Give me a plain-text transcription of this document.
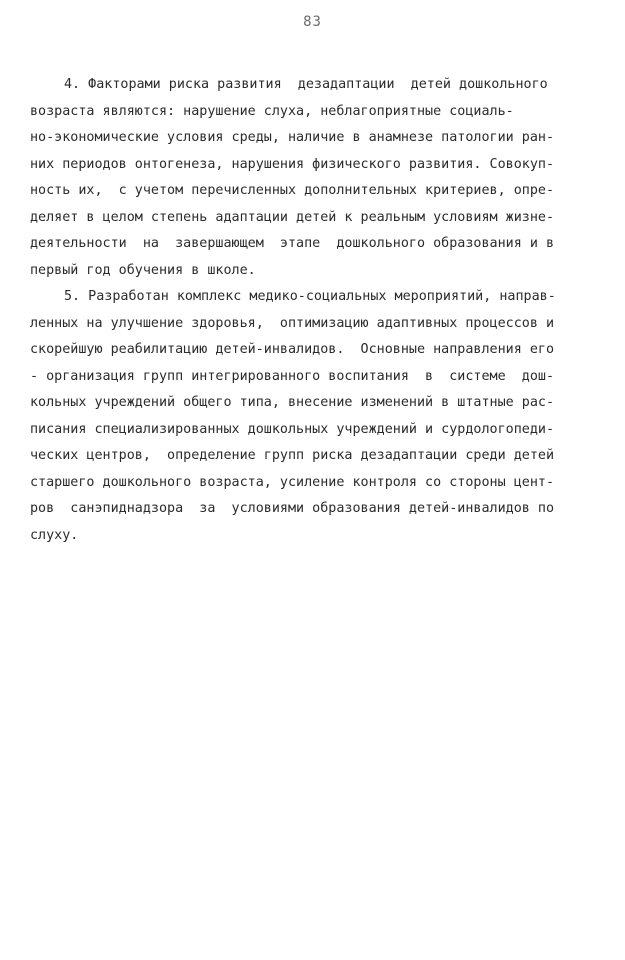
83
4. Факторами риска развития  дезадаптации  детей дошкольного
возраста являются: нарушение слуха, неблагоприятные социаль-
но-экономические условия среды, наличие в анамнезе патологии ран-
них периодов онтогенеза, нарушения физического развития. Совокуп-
ность их,  с учетом перечисленных дополнительных критериев, опре-
деляет в целом степень адаптации детей к реальным условиям жизне-
деятельности  на  завершающем  этапе  дошкольного образования и в
первый год обучения в школе.
5. Разработан комплекс медико-социальных мероприятий, направ-
ленных на улучшение здоровья,  оптимизацию адаптивных процессов и
скорейшую реабилитацию детей-инвалидов.  Основные направления его
- организация групп интегрированного воспитания  в  системе  дош-
кольных учреждений общего типа, внесение изменений в штатные рас-
писания специализированных дошкольных учреждений и сурдологопеди-
ческих центров,  определение групп риска дезадаптации среди детей
старшего дошкольного возраста, усиление контроля со стороны цент-
ров  санэпиднадзора  за  условиями образования детей-инвалидов по
слуху.
